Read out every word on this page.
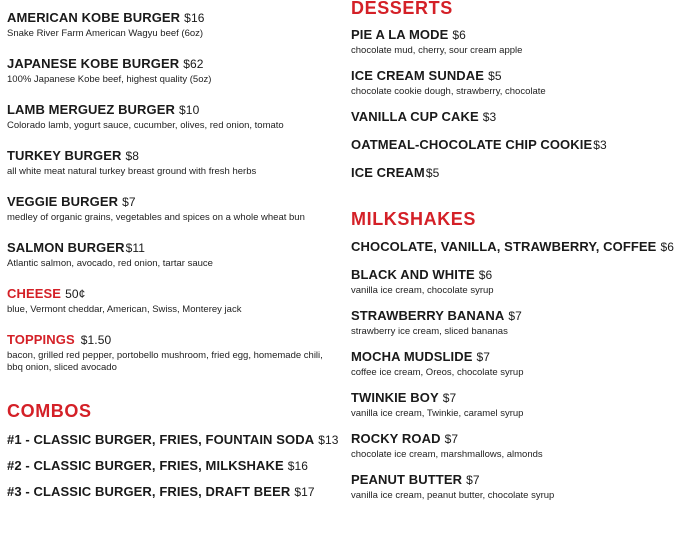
AMERICAN KOBE BURGER $16
Snake River Farm American Wagyu beef (6oz)
JAPANESE KOBE BURGER $62
100% Japanese Kobe beef, highest quality (5oz)
LAMB MERGUEZ BURGER $10
Colorado lamb, yogurt sauce, cucumber, olives, red onion, tomato
TURKEY BURGER $8
all white meat natural turkey breast ground with fresh herbs
VEGGIE BURGER $7
medley of organic grains, vegetables and spices on a whole wheat bun
SALMON BURGER$11
Atlantic salmon, avocado, red onion, tartar sauce
CHEESE 50¢
blue, Vermont cheddar, American, Swiss, Monterey jack
TOPPINGS $1.50
bacon, grilled red pepper, portobello mushroom, fried egg, homemade chili, bbq onion, sliced avocado
COMBOS
#1 - CLASSIC BURGER, FRIES, FOUNTAIN SODA $13
#2 - CLASSIC BURGER, FRIES, MILKSHAKE $16
#3 - CLASSIC BURGER, FRIES, DRAFT BEER $17
DESSERTS
PIE A LA MODE $6
chocolate mud, cherry, sour cream apple
ICE CREAM SUNDAE $5
chocolate cookie dough, strawberry, chocolate
VANILLA CUP CAKE $3
OATMEAL-CHOCOLATE CHIP COOKIE$3
ICE CREAM$5
MILKSHAKES
CHOCOLATE, VANILLA, STRAWBERRY, COFFEE $6
BLACK AND WHITE $6
vanilla ice cream, chocolate syrup
STRAWBERRY BANANA $7
strawberry ice cream, sliced bananas
MOCHA MUDSLIDE $7
coffee ice cream, Oreos, chocolate syrup
TWINKIE BOY $7
vanilla ice cream, Twinkie, caramel syrup
ROCKY ROAD $7
chocolate ice cream, marshmallows, almonds
PEANUT BUTTER $7
vanilla ice cream, peanut butter, chocolate syrup
